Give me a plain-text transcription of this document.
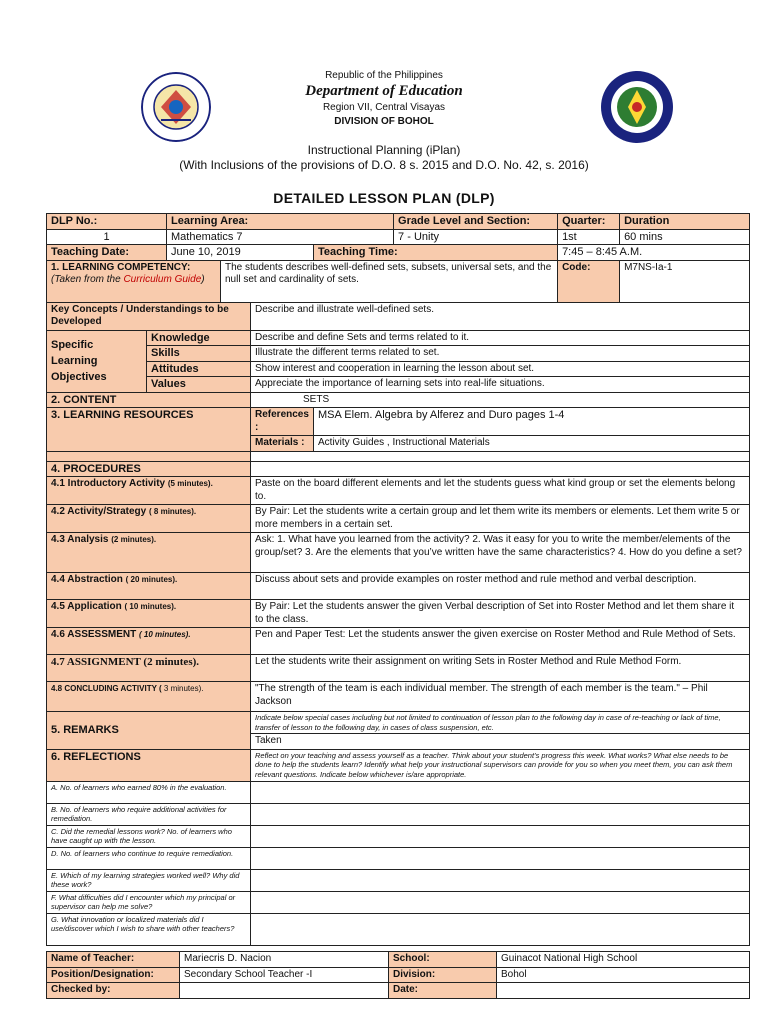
Republic of the Philippines
Department of Education
Region VII, Central Visayas
DIVISION OF BOHOL
Instructional Planning (iPlan)
(With Inclusions of the provisions of D.O. 8 s. 2015 and D.O. No. 42, s. 2016)
DETAILED LESSON PLAN (DLP)
DLP No.:		Learning Area:				Grade Level and Section:	Quarter:	Duration
1		Mathematics 7				7 - Unity	1st	60 mins
Teaching Date:		June 10, 2019			Teaching Time:		7:45 – 8:45 A.M.	
1. LEARNING COMPETENCY:
(Taken from the Curriculum Guide)			The students describes well-defined sets, subsets, universal sets, and the null set and cardinality of sets.				Code:	M7NS-Ia-1
Key Concepts / Understandings to be Developed				Describe and illustrate well-defined sets.				
Specific Learning Objectives	Knowledge			Describe and define Sets and terms related to it.				
	Skills			Illustrate the different terms related to set.				
	Attitudes			Show interest and cooperation in learning the lesson about set.				
	Values			Appreciate the importance of learning sets into real-life situations.				
2. CONTENT				SETS				
3. LEARNING RESOURCES				References :	MSA Elem. Algebra by Alferez and Duro pages 1-4			
				Materials :	Activity Guides , Instructional Materials			

4. PROCEDURES								
4.1 Introductory Activity (5 minutes).				Paste on the board different elements and let the students guess what kind group or set the elements belong to.				
4.2 Activity/Strategy ( 8 minutes).				By Pair: Let the students write a certain group and let them write its members or elements. Let them write 5 or more members in a certain set.				
4.3 Analysis (2 minutes).				Ask: 1. What have you learned from the activity? 2. Was it easy for you to write the member/elements of the group/set? 3. Are the elements that you’ve written have the same characteristics? 4. How do you define a set?				
4.4 Abstraction ( 20 minutes).				Discuss about sets and provide examples on roster method and rule method and verbal description.				
4.5 Application ( 10 minutes).				By Pair: Let the students answer the given Verbal description of Set into Roster Method and let them share it to the class.				
4.6 ASSESSMENT ( 10 minutes).				Pen and Paper Test: Let the students answer the given exercise on Roster Method and Rule Method of Sets.				
4.7 ASSIGNMENT (2 minutes).				Let the students write their assignment on writing Sets in Roster Method and Rule Method Form.				
4.8 CONCLUDING ACTIVITY ( 3 minutes).				"The strength of the team is each individual member. The strength of each member is the team." – Phil Jackson				
5. REMARKS				Indicate below special cases including but not limited to continuation of lesson plan to the following day in case of re-teaching or lack of time, transfer of lesson to the following day, in cases of class suspension, etc.				
				Taken				
6. REFLECTIONS				Reflect on your teaching and assess yourself as a teacher. Think about your student’s progress this week. What works? What else needs to be done to help the students learn? Identify what help your instructional supervisors can provide for you so when you meet them, you can ask them relevant questions. Indicate below whichever is/are appropriate.				
A. No. of learners who earned 80% in the evaluation.								
B. No. of learners who require additional activities for remediation.								
C. Did the remedial lessons work? No. of learners who have caught up with the lesson.								
D. No. of learners who continue to require remediation.								
E. Which of my learning strategies worked well? Why did these work?								
F. What difficulties did I encounter which my principal or supervisor can help me solve?								
G. What innovation or localized materials did I use/discover which I wish to share with other teachers?								
Name of Teacher:	Mariecris D. Nacion	School:	Guinacot National High School
Position/Designation:	Secondary School Teacher -I	Division:	Bohol
Checked by:		Date:	
